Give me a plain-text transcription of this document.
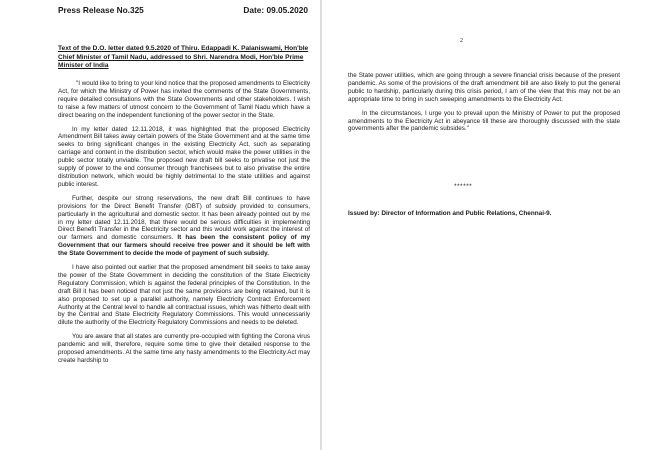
Press Release No.325	Date: 09.05.2020
Text of the D.O. letter dated 9.5.2020 of Thiru. Edappadi K. Palaniswami, Hon'ble Chief Minister of Tamil Nadu, addressed to Shri. Narendra Modi, Hon'ble Prime Minister of India

"I would like to bring to your kind notice that the proposed amendments to Electricity Act, for which the Ministry of Power has invited the comments of the State Governments, require detailed consultations with the State Governments and other stakeholders. I wish to raise a few matters of utmost concern to the Government of Tamil Nadu which have a direct bearing on the independent functioning of the power sector in the State.

In my letter dated 12.11.2018, it was highlighted that the proposed Electricity Amendment Bill takes away certain powers of the State Government and at the same time seeks to bring significant changes in the existing Electricity Act, such as separating carriage and content in the distribution sector, which would make the power utilities in the public sector totally unviable. The proposed new draft bill seeks to privatise not just the supply of power to the end consumer through franchisees but to also privatise the entire distribution network, which would be highly detrimental to the state utilities and against public interest.

Further, despite our strong reservations, the new draft Bill continues to have provisions for the Direct Benefit Transfer (DBT) of subsidy provided to consumers, particularly in the agricultural and domestic sector. It has been already pointed out by me in my letter dated 12.11.2018, that there would be serious difficulties in implementing Direct Benefit Transfer in the Electricity sector and this would work against the interest of our farmers and domestic consumers. It has been the consistent policy of my Government that our farmers should receive free power and it should be left with the State Government to decide the mode of payment of such subsidy.

I have also pointed out earlier that the proposed amendment bill seeks to take away the power of the State Government in deciding the constitution of the State Electricity Regulatory Commission, which is against the federal principles of the Constitution. In the draft Bill it has been noticed that not just the same provisions are being retained, but it is also proposed to set up a parallel authority, namely Electricity Contract Enforcement Authority at the Central level to handle all contractual issues, which was hitherto dealt with by the Central and State Electricity Regulatory Commissions. This would unnecessarily dilute the authority of the Electricity Regulatory Commissions and needs to be deleted.

You are aware that all states are currently pre-occupied with fighting the Corona virus pandemic and will, therefore, require some time to give their detailed response to the proposed amendments. At the same time any hasty amendments to the Electricity Act may create hardship to

2

the State power utilities, which are going through a severe financial crisis because of the present pandemic. As some of the provisions of the draft amendment bill are also likely to put the general public to hardship, particularly during this crisis period, I am of the view that this may not be an appropriate time to bring in such sweeping amendments to the Electricity Act.

In the circumstances, I urge you to prevail upon the Ministry of Power to put the proposed amendments to the Electricity Act in abeyance till these are thoroughly discussed with the state governments after the pandemic subsides."

******
Issued by: Director of Information and Public Relations, Chennai-9.
